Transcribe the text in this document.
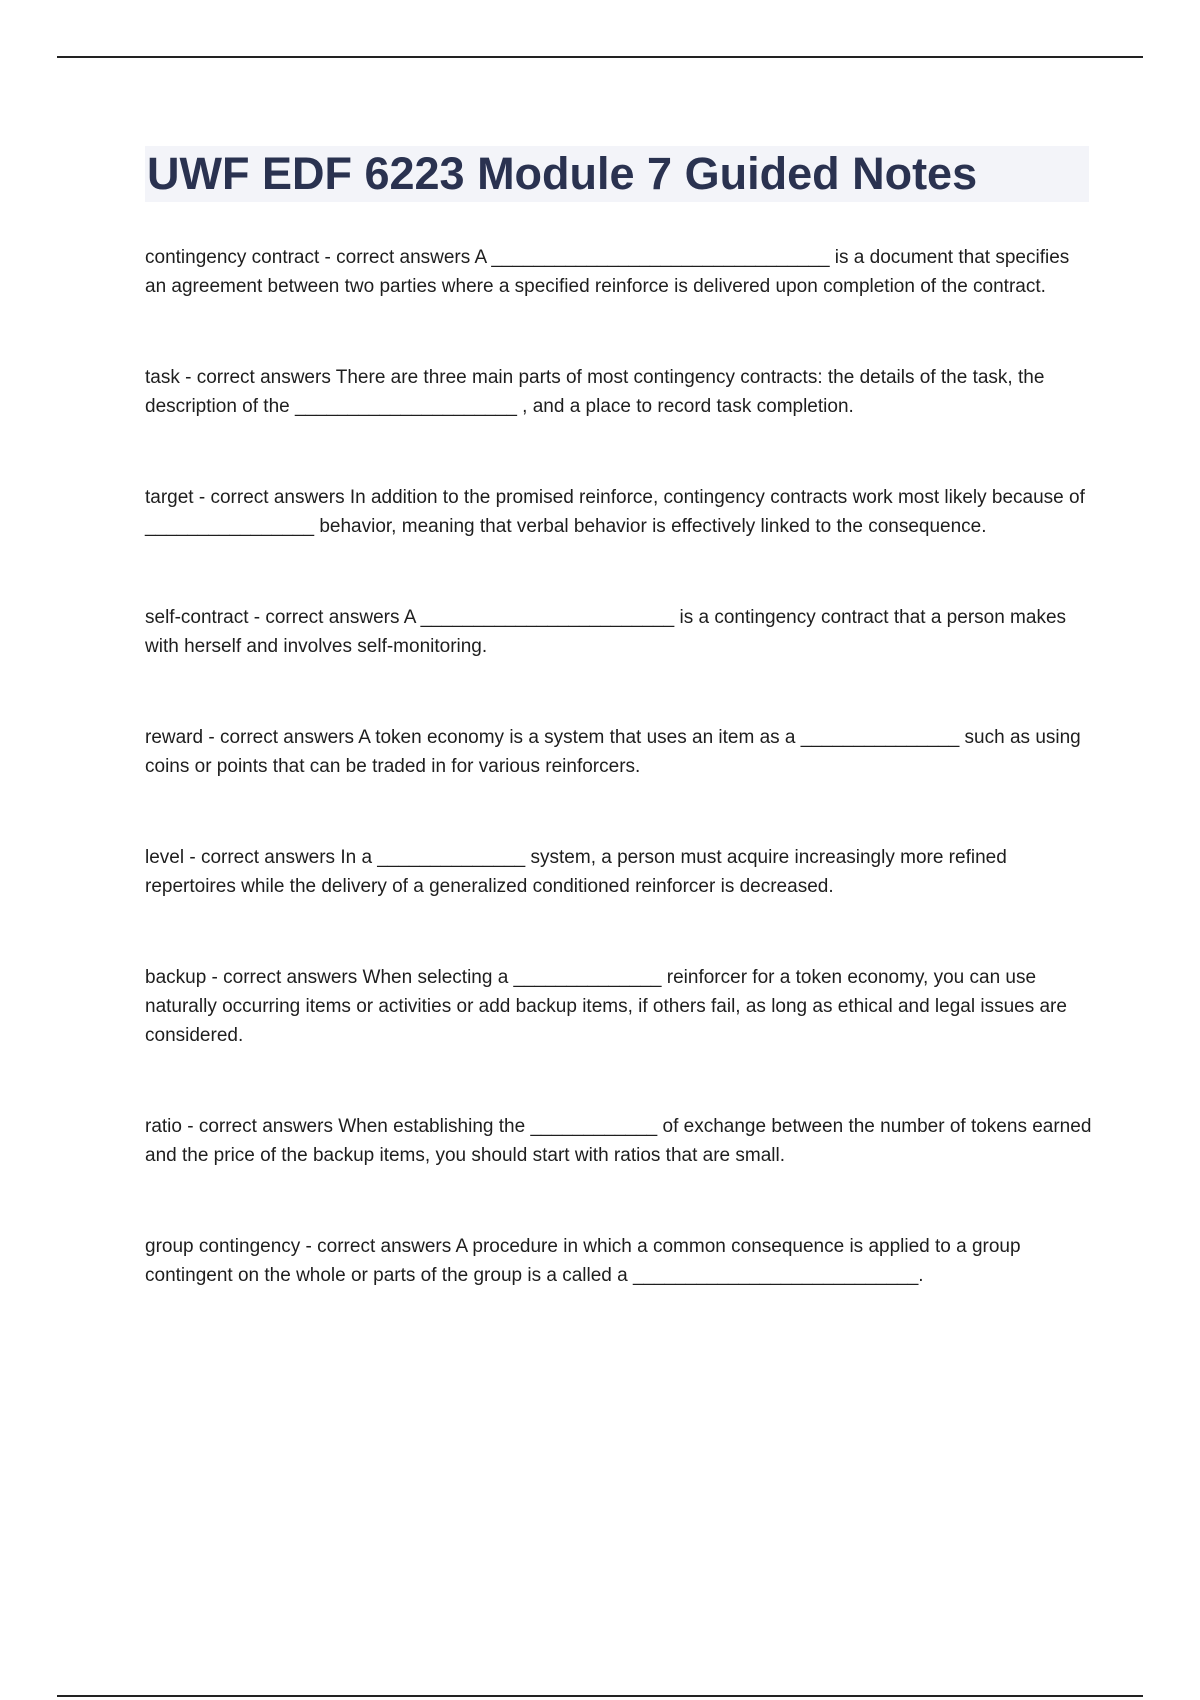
UWF EDF 6223 Module 7 Guided Notes

contingency contract - correct answers A ________________________________ is a document that specifies an agreement between two parties where a specified reinforce is delivered upon completion of the contract.

task - correct answers There are three main parts of most contingency contracts: the details of the task, the description of the _____________________ , and a place to record task completion.

target - correct answers In addition to the promised reinforce, contingency contracts work most likely because of ________________ behavior, meaning that verbal behavior is effectively linked to the consequence.

self-contract - correct answers A ________________________ is a contingency contract that a person makes with herself and involves self-monitoring.

reward - correct answers A token economy is a system that uses an item as a _______________ such as using coins or points that can be traded in for various reinforcers.

level - correct answers In a ______________ system, a person must acquire increasingly more refined repertoires while the delivery of a generalized conditioned reinforcer is decreased.

backup - correct answers When selecting a ______________ reinforcer for a token economy, you can use naturally occurring items or activities or add backup items, if others fail, as long as ethical and legal issues are considered.

ratio - correct answers When establishing the ____________ of exchange between the number of tokens earned and the price of the backup items, you should start with ratios that are small.

group contingency - correct answers A procedure in which a common consequence is applied to a group contingent on the whole or parts of the group is a called a ___________________________.
